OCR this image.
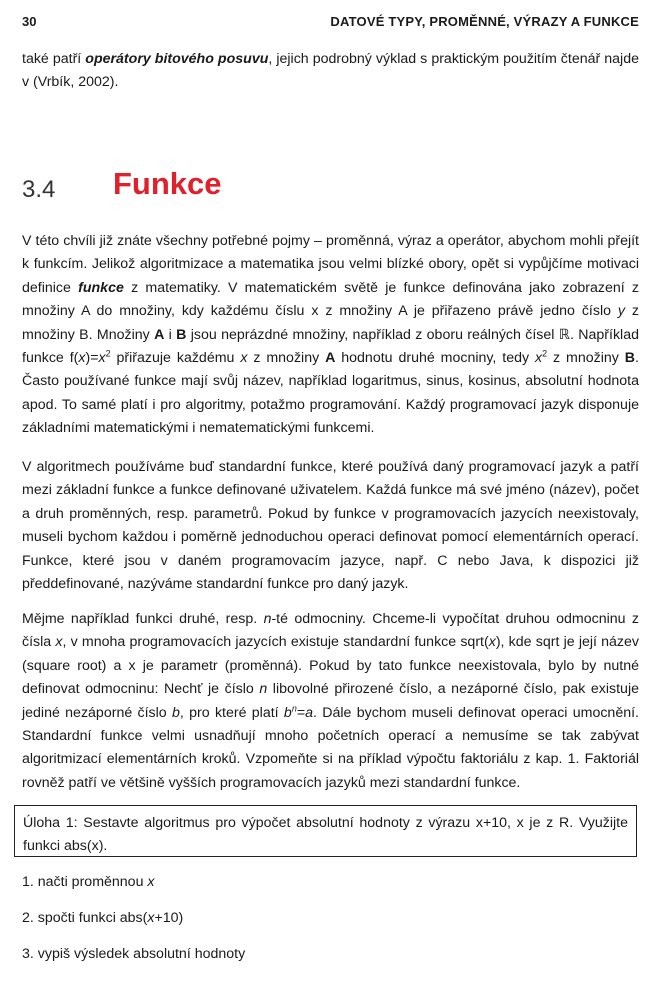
30	DATOVÉ TYPY, PROMĚNNÉ, VÝRAZY A FUNKCE

také patří operátory bitového posuvu, jejich podrobný výklad s praktickým použitím čtenář najde v (Vrbík, 2002).

3.4 Funkce

V této chvíli již znáte všechny potřebné pojmy – proměnná, výraz a operátor, abychom mohli přejít k funkcím. Jelikož algoritmizace a matematika jsou velmi blízké obory, opět si vypůjčíme motivaci definice funkce z matematiky. V matematickém světě je funkce definována jako zobrazení z množiny A do množiny, kdy každému číslu x z množiny A je přiřazeno právě jedno číslo y z množiny B. Množiny A i B jsou neprázdné množiny, například z oboru reálných čísel ℝ. Například funkce $f(x)=x^2$ přiřazuje každému x z množiny A hodnotu druhé mocniny, tedy $x^2$ z množiny B. Často používané funkce mají svůj název, například logaritmus, sinus, kosinus, absolutní hodnota apod. To samé platí i pro algoritmy, potažmo programování. Každý programovací jazyk disponuje základními matematickými i nematematickými funkcemi.

V algoritmech používáme buď standardní funkce, které používá daný programovací jazyk a patří mezi základní funkce a funkce definované uživatelem. Každá funkce má své jméno (název), počet a druh proměnných, resp. parametrů. Pokud by funkce v programovacích jazycích neexistovaly, museli bychom každou i poměrně jednoduchou operaci definovat pomocí elementárních operací. Funkce, které jsou v daném programovacím jazyce, např. C nebo Java, k dispozici již předdefinované, nazýváme standardní funkce pro daný jazyk.

Mějme například funkci druhé, resp. n-té odmocniny. Chceme-li vypočítat druhou odmocninu z čísla x, v mnoha programovacích jazycích existuje standardní funkce sqrt(x), kde sqrt je její název (square root) a x je parametr (proměnná). Pokud by tato funkce neexistovala, bylo by nutné definovat odmocninu: Nechť je číslo n libovolné přirozené číslo, a nezáporné číslo, pak existuje jediné nezáporné číslo b, pro které platí $b^n=a$. Dále bychom museli definovat operaci umocnění. Standardní funkce velmi usnadňují mnoho početních operací a nemusíme se tak zabývat algoritmizací elementárních kroků. Vzpomeňte si na příklad výpočtu faktoriálu z kap. 1. Faktoriál rovněž patří ve většině vyšších programovacích jazyků mezi standardní funkce.

Úloha 1: Sestavte algoritmus pro výpočet absolutní hodnoty z výrazu x+10, x je z R. Využijte funkci abs(x).
1. načti proměnnou x
2. spočti funkci abs(x+10)
3. vypiš výsledek absolutní hodnoty
